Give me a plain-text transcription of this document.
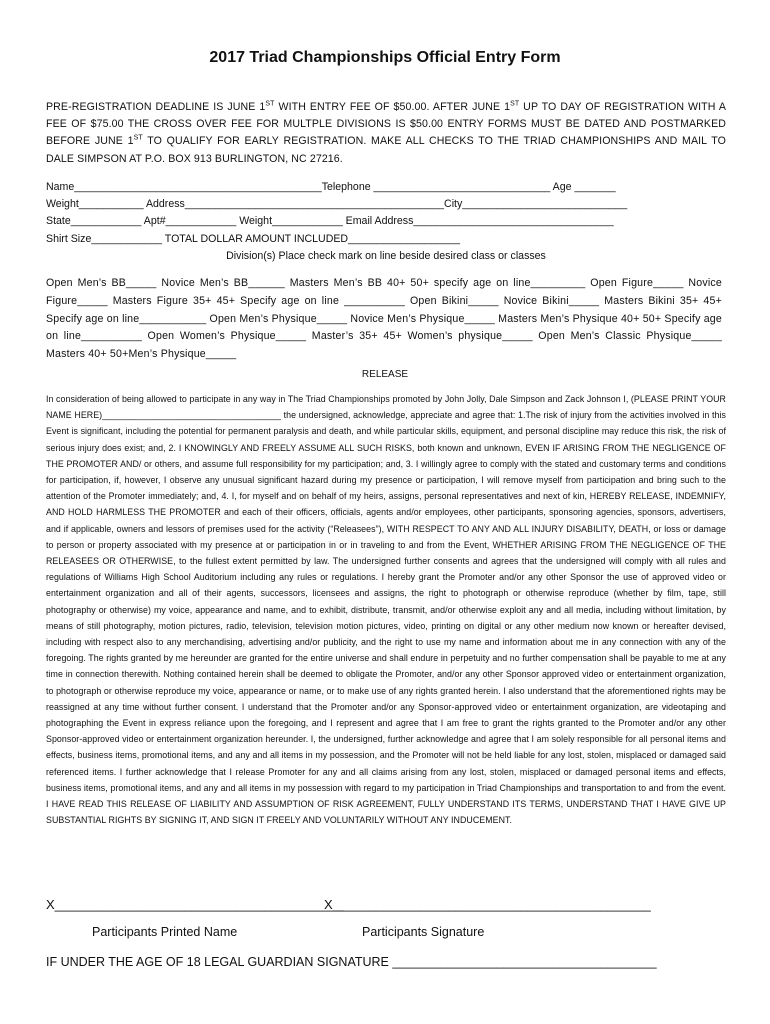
2017 Triad Championships Official Entry Form

PRE-REGISTRATION DEADLINE IS JUNE 1ST WITH ENTRY FEE OF $50.00. AFTER JUNE 1ST UP TO DAY OF REGISTRATION WITH A FEE OF $75.00 THE CROSS OVER FEE FOR MULTPLE DIVISIONS IS $50.00 ENTRY FORMS MUST BE DATED AND POSTMARKED BEFORE JUNE 1ST TO QUALIFY FOR EARLY REGISTRATION. MAKE ALL CHECKS TO THE TRIAD CHAMPIONSHIPS AND MAIL TO DALE SIMPSON AT P.O. BOX 913 BURLINGTON, NC 27216.

Name__________________________________________Telephone ______________________________ Age _______
Weight___________ Address____________________________________________City____________________________
State____________ Apt#____________ Weight____________ Email Address__________________________________
Shirt Size____________ TOTAL DOLLAR AMOUNT INCLUDED___________________
Division(s) Place check mark on line beside desired class or classes

Open Men’s BB_____ Novice Men’s BB______ Masters Men’s BB 40+ 50+ specify age on line_________ Open Figure_____ Novice Figure_____ Masters Figure 35+ 45+ Specify age on line __________ Open Bikini_____ Novice Bikini_____ Masters Bikini 35+ 45+ Specify age on line___________ Open Men’s Physique_____ Novice Men’s Physique_____ Masters Men’s Physique 40+ 50+ Specify age on line__________ Open Women’s Physique_____ Master’s 35+ 45+ Women’s physique_____ Open Men’s Classic Physique_____ Masters 40+ 50+Men’s Physique_____

RELEASE

In consideration of being allowed to participate in any way in The Triad Championships promoted by John Jolly, Dale Simpson and Zack Johnson I, (PLEASE PRINT YOUR NAME HERE)____________________________________ the undersigned, acknowledge, appreciate and agree that: 1.The risk of injury from the activities involved in this Event is significant, including the potential for permanent paralysis and death, and while particular skills, equipment, and personal discipline may reduce this risk, the risk of serious injury does exist; and, 2. I KNOWINGLY AND FREELY ASSUME ALL SUCH RISKS, both known and unknown, EVEN IF ARISING FROM THE NEGLIGENCE OF THE PROMOTER AND/ or others, and assume full responsibility for my participation; and, 3. I willingly agree to comply with the stated and customary terms and conditions for participation, if, however, I observe any unusual significant hazard during my presence or participation, I will remove myself from participation and bring such to the attention of the Promoter immediately; and, 4. I, for myself and on behalf of my heirs, assigns, personal representatives and next of kin, HEREBY RELEASE, INDEMNIFY, AND HOLD HARMLESS THE PROMOTER and each of their officers, officials, agents and/or employees, other participants, sponsoring agencies, sponsors, advertisers, and if applicable, owners and lessors of premises used for the activity (“Releasees”), WITH RESPECT TO ANY AND ALL INJURY DISABILITY, DEATH, or loss or damage to person or property associated with my presence at or participation in or in traveling to and from the Event, WHETHER ARISING FROM THE NEGLIGENCE OF THE RELEASEES OR OTHERWISE, to the fullest extent permitted by law. The undersigned further consents and agrees that the undersigned will comply with all rules and regulations of Williams High School Auditorium including any rules or regulations. I hereby grant the Promoter and/or any other Sponsor the use of approved video or entertainment organization and all of their agents, successors, licensees and assigns, the right to photograph or otherwise reproduce (whether by film, tape, still photography or otherwise) my voice, appearance and name, and to exhibit, distribute, transmit, and/or otherwise exploit any and all media, including without limitation, by means of still photography, motion pictures, radio, television, television motion pictures, video, printing on digital or any other medium now known or hereafter devised, including with respect also to any merchandising, advertising and/or publicity, and the right to use my name and information about me in any connection with any of the foregoing. The rights granted by me hereunder are granted for the entire universe and shall endure in perpetuity and no further compensation shall be payable to me at any time in connection therewith. Nothing contained herein shall be deemed to obligate the Promoter, and/or any other Sponsor approved video or entertainment organization, to photograph or otherwise reproduce my voice, appearance or name, or to make use of any rights granted herein. I also understand that the aforementioned rights may be reassigned at any time without further consent. I understand that the Promoter and/or any Sponsor-approved video or entertainment organization, are videotaping and photographing the Event in express reliance upon the foregoing, and I represent and agree that I am free to grant the rights granted to the Promoter and/or any other Sponsor-approved video or entertainment organization hereunder. I, the undersigned, further acknowledge and agree that I am solely responsible for all personal items and effects, business items, promotional items, and any and all items in my possession, and the Promoter will not be held liable for any lost, stolen, misplaced or damaged said referenced items. I further acknowledge that I release Promoter for any and all claims arising from any lost, stolen, misplaced or damaged personal items and effects, business items, promotional items, and any and all items in my possession with regard to my participation in Triad Championships and transportation to and from the event. I HAVE READ THIS RELEASE OF LIABILITY AND ASSUMPTION OF RISK AGREEMENT, FULLY UNDERSTAND ITS TERMS, UNDERSTAND THAT I HAVE GIVE UP SUBSTANTIAL RIGHTS BY SIGNING IT, AND SIGN IT FREELY AND VOLUNTARILY WITHOUT ANY INDUCEMENT.

X________________________________________
X____________________________________________
Participants Printed Name	Participants Signature
IF UNDER THE AGE OF 18 LEGAL GUARDIAN SIGNATURE ______________________________________
